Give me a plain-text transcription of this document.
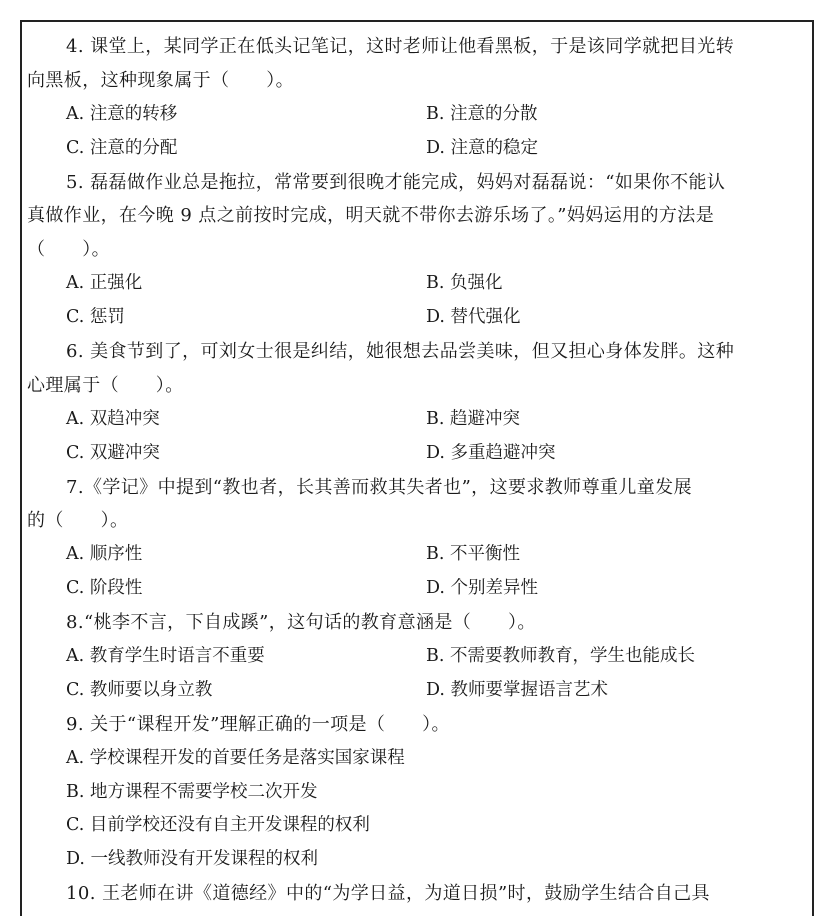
4. 课堂上，某同学正在低头记笔记，这时老师让他看黑板，于是该同学就把目光转
向黑板，这种现象属于（　　）。
A. 注意的转移	B. 注意的分散
C. 注意的分配	D. 注意的稳定
5. 磊磊做作业总是拖拉，常常要到很晚才能完成，妈妈对磊磊说：“如果你不能认
真做作业，在今晚 9 点之前按时完成，明天就不带你去游乐场了。”妈妈运用的方法是
（　　）。
A. 正强化	B. 负强化
C. 惩罚	D. 替代强化
6. 美食节到了，可刘女士很是纠结，她很想去品尝美味，但又担心身体发胖。这种
心理属于（　　）。
A. 双趋冲突	B. 趋避冲突
C. 双避冲突	D. 多重趋避冲突
7.《学记》中提到“教也者，长其善而救其失者也”，这要求教师尊重儿童发展
的（　　）。
A. 顺序性	B. 不平衡性
C. 阶段性	D. 个别差异性
8.“桃李不言，下自成蹊”，这句话的教育意涵是（　　）。
A. 教育学生时语言不重要	B. 不需要教师教育，学生也能成长
C. 教师要以身立教	D. 教师要掌握语言艺术
9. 关于“课程开发”理解正确的一项是（　　）。
A. 学校课程开发的首要任务是落实国家课程
B. 地方课程不需要学校二次开发
C. 目前学校还没有自主开发课程的权利
D. 一线教师没有开发课程的权利
10. 王老师在讲《道德经》中的“为学日益，为道日损”时，鼓励学生结合自己具
